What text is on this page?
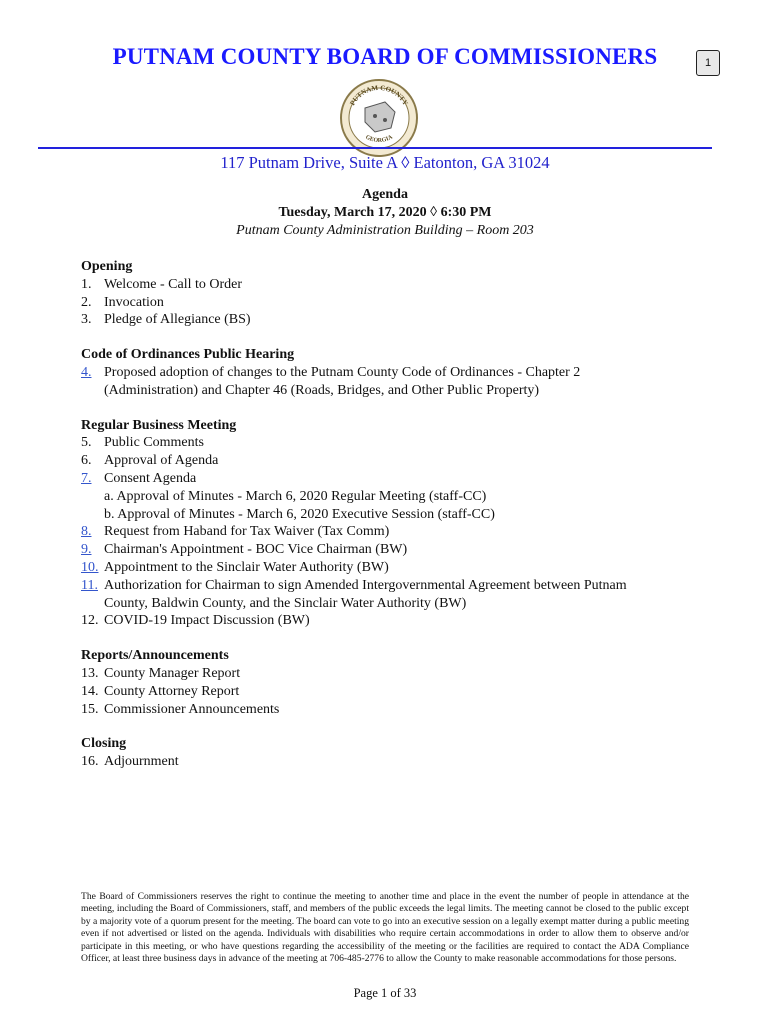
1
PUTNAM COUNTY BOARD OF COMMISSIONERS
PUTNAM COUNTY
GEORGIA
117 Putnam Drive, Suite A ◊ Eatonton, GA 31024
Agenda
Tuesday, March 17, 2020 ◊ 6:30 PM
Putnam County Administration Building – Room 203
Opening
1. Welcome - Call to Order
2. Invocation
3. Pledge of Allegiance (BS)
Code of Ordinances Public Hearing
4. Proposed adoption of changes to the Putnam County Code of Ordinances - Chapter 2
(Administration) and Chapter 46 (Roads, Bridges, and Other Public Property)
Regular Business Meeting
5. Public Comments
6. Approval of Agenda
7. Consent Agenda
a. Approval of Minutes - March 6, 2020 Regular Meeting (staff-CC)
b. Approval of Minutes - March 6, 2020 Executive Session (staff-CC)
8. Request from Haband for Tax Waiver (Tax Comm)
9. Chairman's Appointment - BOC Vice Chairman (BW)
10. Appointment to the Sinclair Water Authority (BW)
11. Authorization for Chairman to sign Amended Intergovernmental Agreement between Putnam
County, Baldwin County, and the Sinclair Water Authority (BW)
12. COVID-19 Impact Discussion (BW)
Reports/Announcements
13. County Manager Report
14. County Attorney Report
15. Commissioner Announcements
Closing
16. Adjournment
The Board of Commissioners reserves the right to continue the meeting to another time and place in the event the number of people in attendance at the meeting, including the Board of Commissioners, staff, and members of the public exceeds the legal limits. The meeting cannot be closed to the public except by a majority vote of a quorum present for the meeting. The board can vote to go into an executive session on a legally exempt matter during a public meeting even if not advertised or listed on the agenda. Individuals with disabilities who require certain accommodations in order to allow them to observe and/or participate in this meeting, or who have questions regarding the accessibility of the meeting or the facilities are required to contact the ADA Compliance Officer, at least three business days in advance of the meeting at 706-485-2776 to allow the County to make reasonable accommodations for those persons.
Page 1 of 33
